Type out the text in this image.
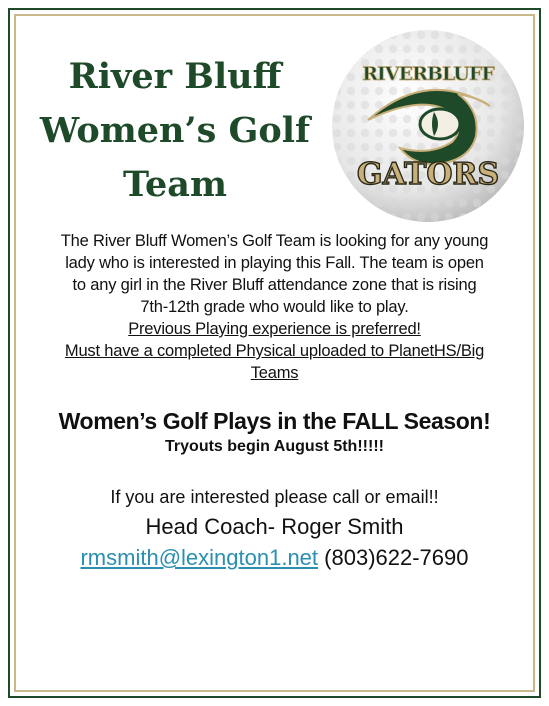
River Bluff
Women’s Golf
Team
RIVERBLUFF
GATORS

The River Bluff Women’s Golf Team is looking for any young

lady who is interested in playing this Fall. The team is open

to any girl in the River Bluff attendance zone that is rising

7th-12th grade who would like to play.

Previous Playing experience is preferred!

Must have a completed Physical uploaded to PlanetHS/Big

Teams

Women’s Golf Plays in the FALL Season!

Tryouts begin August 5th!!!!!

If you are interested please call or email!!

Head Coach- Roger Smith

rmsmith@lexington1.net (803)622-7690
